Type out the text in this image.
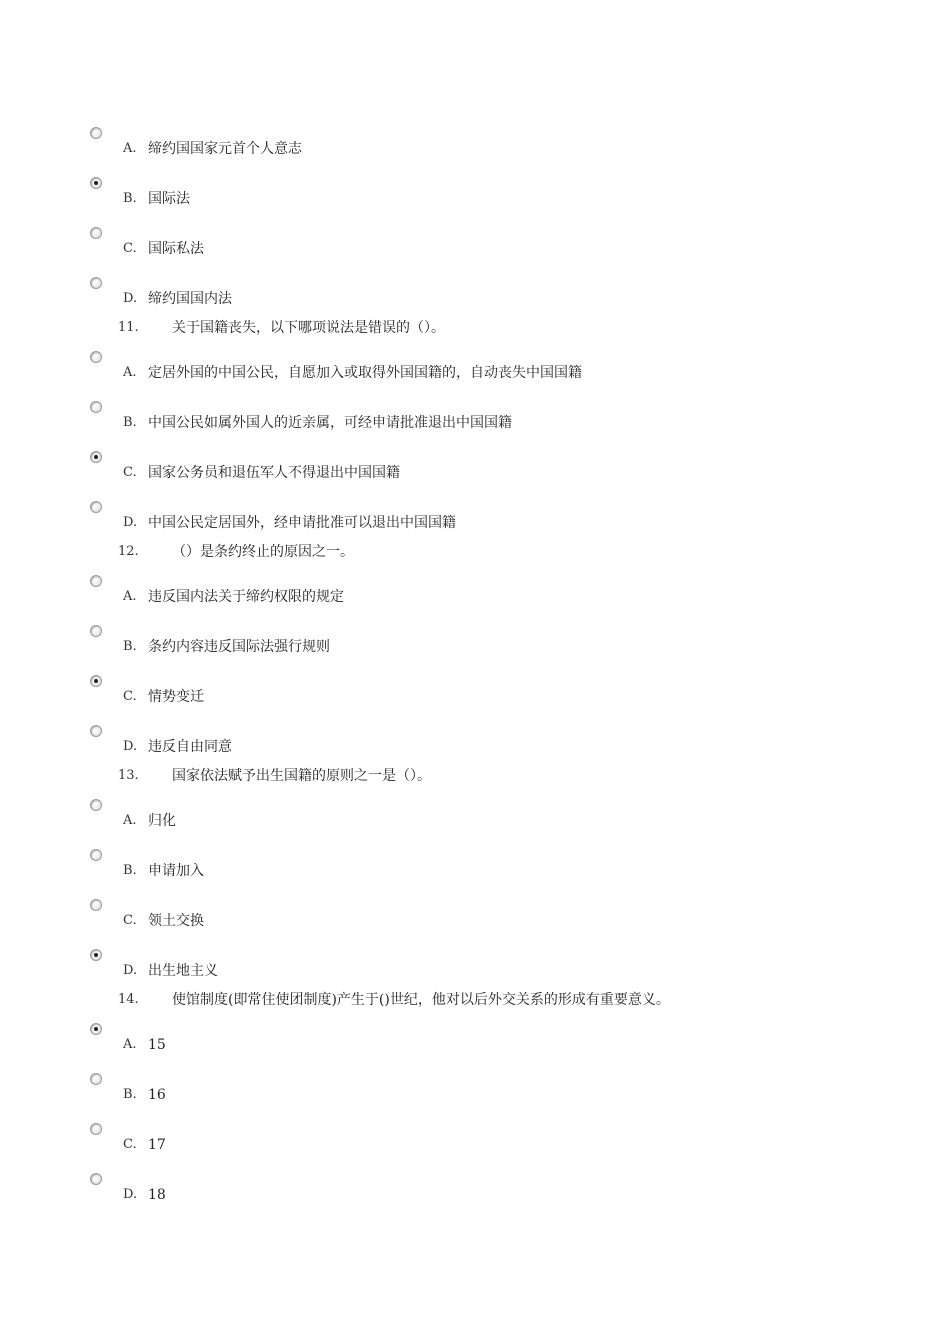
A. 缔约国国家元首个人意志
B. 国际法
C. 国际私法
D. 缔约国国内法
11. 关于国籍丧失，以下哪项说法是错误的（）。
A. 定居外国的中国公民，自愿加入或取得外国国籍的，自动丧失中国国籍
B. 中国公民如属外国人的近亲属，可经申请批准退出中国国籍
C. 国家公务员和退伍军人不得退出中国国籍
D. 中国公民定居国外，经申请批准可以退出中国国籍
12. （）是条约终止的原因之一。
A. 违反国内法关于缔约权限的规定
B. 条约内容违反国际法强行规则
C. 情势变迁
D. 违反自由同意
13. 国家依法赋予出生国籍的原则之一是（）。
A. 归化
B. 申请加入
C. 领土交换
D. 出生地主义
14. 使馆制度(即常住使团制度)产生于()世纪，他对以后外交关系的形成有重要意义。
A. 15
B. 16
C. 17
D. 18
